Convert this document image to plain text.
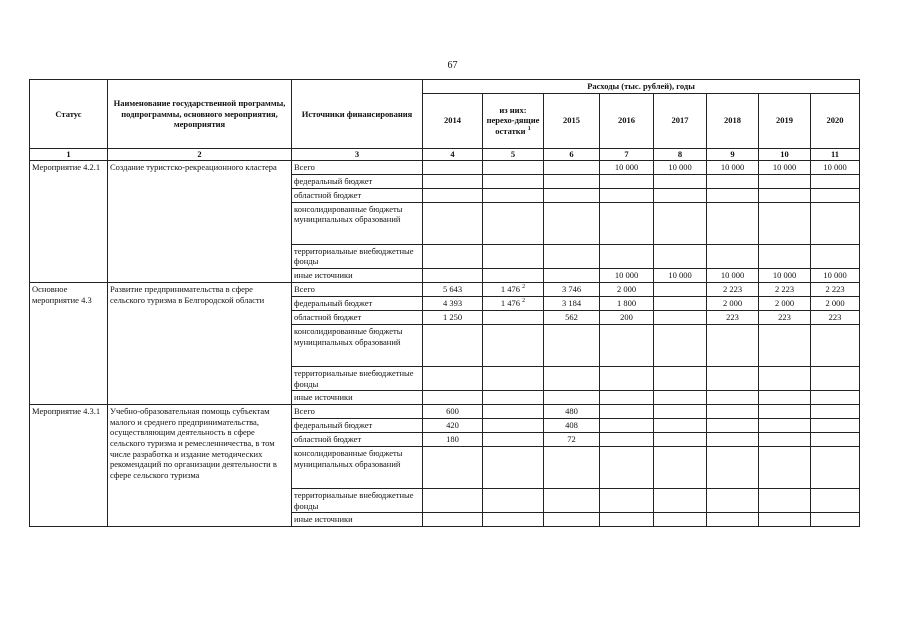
67
Статус	Наименование государственной программы, подпрограммы, основного мероприятия, мероприятия	Источники финансирования	Расходы (тыс. рублей), годы							
			2014	из них: перехо-дящие остатки $^1$	2015	2016	2017	2018	2019	2020
1	2	3	4	5	6	7	8	9	10	11
Мероприятие 4.2.1	Создание туристско-рекреационного кластера	Всего				10 000	10 000	10 000	10 000	10 000
		федеральный бюджет								
		областной бюджет								
		консолидированные бюджеты муниципальных образований								
		территориальные внебюджетные фонды								
		иные источники				10 000	10 000	10 000	10 000	10 000
Основное мероприятие 4.3	Развитие предпринимательства в сфере сельского туризма в Белгородской области	Всего	5 643	1 476 $^2$	3 746	2 000		2 223	2 223	2 223
		федеральный бюджет	4 393	1 476 $^2$	3 184	1 800		2 000	2 000	2 000
		областной бюджет	1 250		562	200		223	223	223
		консолидированные бюджеты муниципальных образований								
		территориальные внебюджетные фонды								
		иные источники								
Мероприятие 4.3.1	Учебно-образовательная помощь субъектам малого и среднего предпринимательства, осуществляющим деятельность в сфере сельского туризма и ремесленничества, в том числе разработка и издание методических рекомендаций по организации деятельности в сфере сельского туризма	Всего	600		480					
		федеральный бюджет	420		408					
		областной бюджет	180		72					
		консолидированные бюджеты муниципальных образований								
		территориальные внебюджетные фонды								
		иные источники								
